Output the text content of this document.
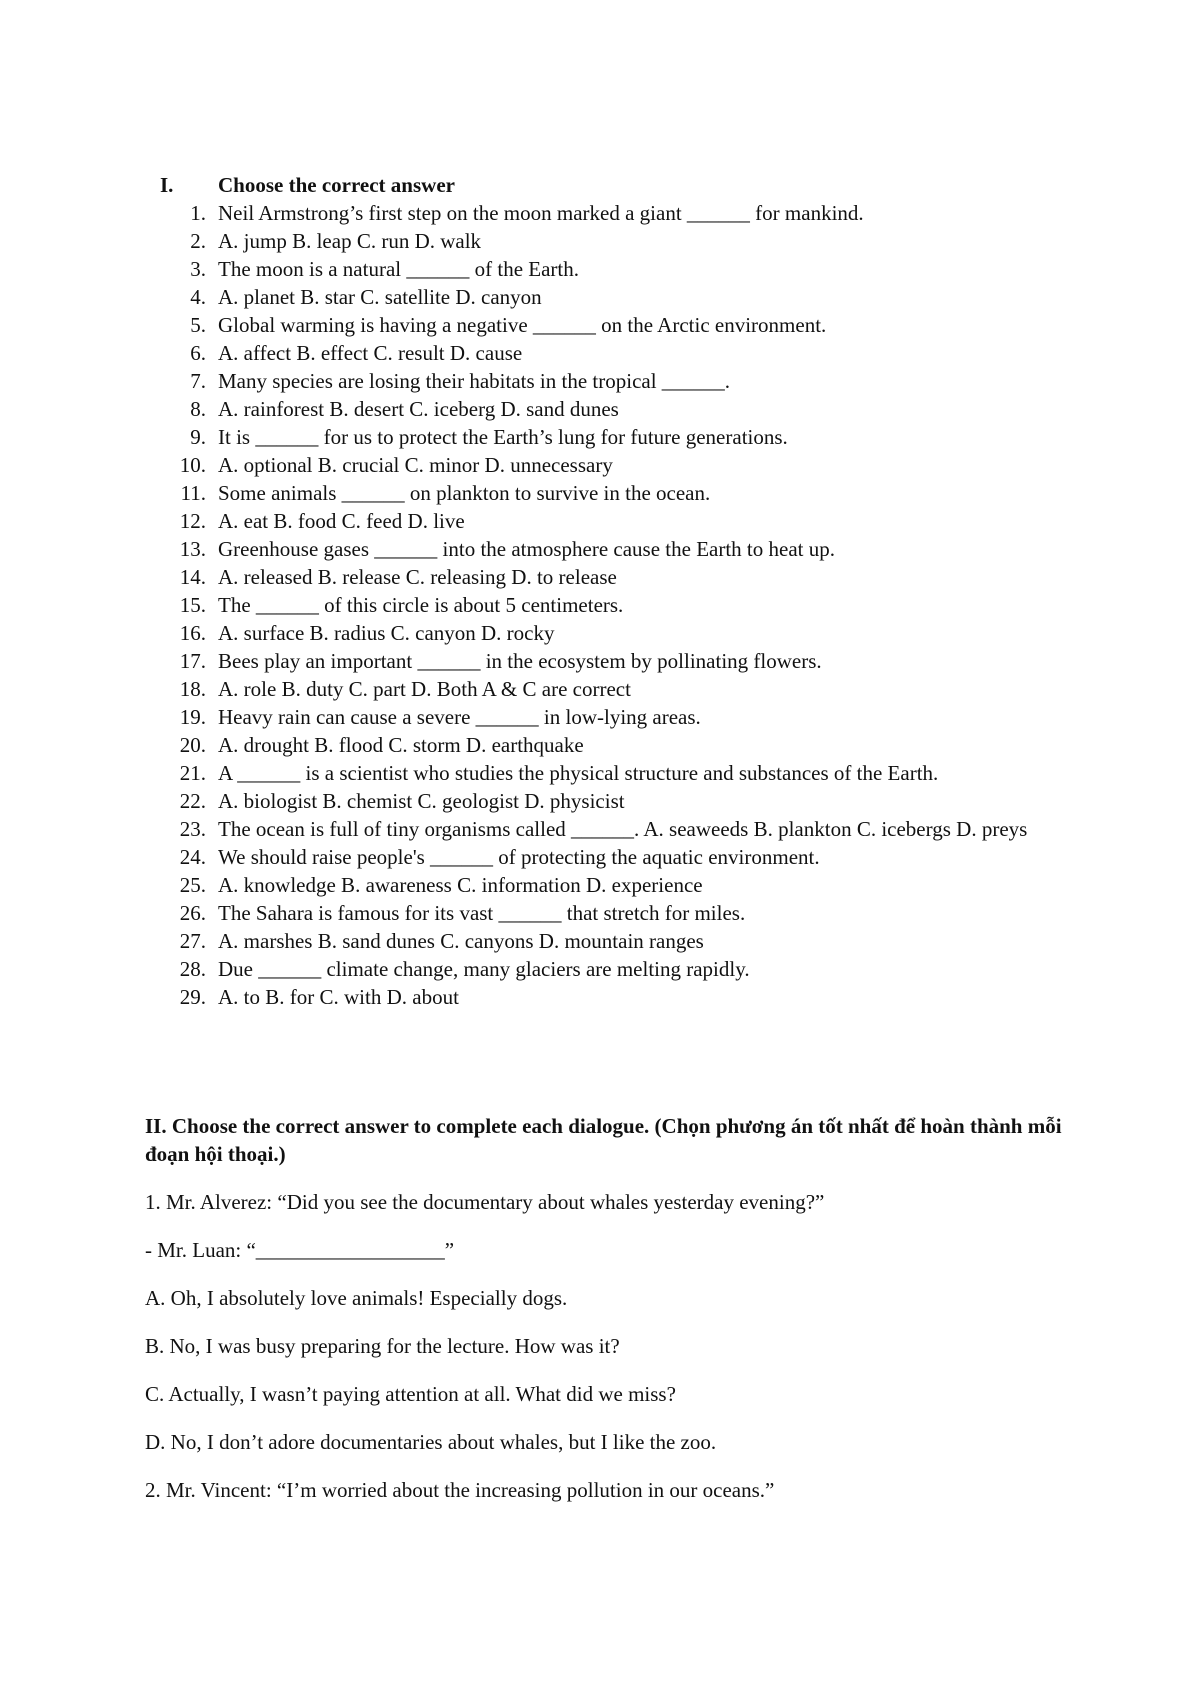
I. Choose the correct answer
1. Neil Armstrong’s first step on the moon marked a giant ______ for mankind.
2. A. jump B. leap C. run D. walk
3. The moon is a natural ______ of the Earth.
4. A. planet B. star C. satellite D. canyon
5. Global warming is having a negative ______ on the Arctic environment.
6. A. affect B. effect C. result D. cause
7. Many species are losing their habitats in the tropical ______.
8. A. rainforest B. desert C. iceberg D. sand dunes
9. It is ______ for us to protect the Earth’s lung for future generations.
10. A. optional B. crucial C. minor D. unnecessary
11. Some animals ______ on plankton to survive in the ocean.
12. A. eat B. food C. feed D. live
13. Greenhouse gases ______ into the atmosphere cause the Earth to heat up.
14. A. released B. release C. releasing D. to release
15. The ______ of this circle is about 5 centimeters.
16. A. surface B. radius C. canyon D. rocky
17. Bees play an important ______ in the ecosystem by pollinating flowers.
18. A. role B. duty C. part D. Both A & C are correct
19. Heavy rain can cause a severe ______ in low-lying areas.
20. A. drought B. flood C. storm D. earthquake
21. A ______ is a scientist who studies the physical structure and substances of the Earth.
22. A. biologist B. chemist C. geologist D. physicist
23. The ocean is full of tiny organisms called ______. A. seaweeds B. plankton C. icebergs D. preys
24. We should raise people's ______ of protecting the aquatic environment.
25. A. knowledge B. awareness C. information D. experience
26. The Sahara is famous for its vast ______ that stretch for miles.
27. A. marshes B. sand dunes C. canyons D. mountain ranges
28. Due ______ climate change, many glaciers are melting rapidly.
29. A. to B. for C. with D. about

II. Choose the correct answer to complete each dialogue. (Chọn phương án tốt nhất để hoàn thành mỗi đoạn hội thoại.)

1. Mr. Alverez: “Did you see the documentary about whales yesterday evening?”

- Mr. Luan: “__________________”

A. Oh, I absolutely love animals! Especially dogs.

B. No, I was busy preparing for the lecture. How was it?

C. Actually, I wasn’t paying attention at all. What did we miss?

D. No, I don’t adore documentaries about whales, but I like the zoo.

2. Mr. Vincent: “I’m worried about the increasing pollution in our oceans.”
